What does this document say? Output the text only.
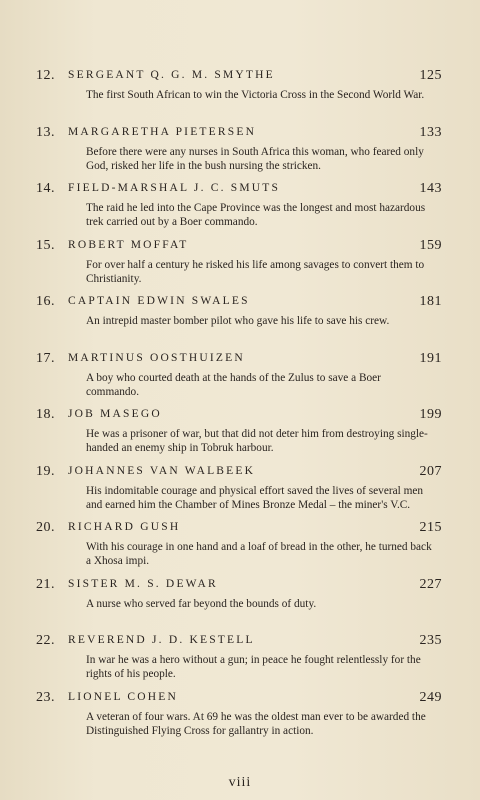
12.	SERGEANT Q. G. M. SMYTHE	125
The first South African to win the Victoria Cross in the Second World War.
13.	MARGARETHA PIETERSEN	133
Before there were any nurses in South Africa this woman, who feared only God, risked her life in the bush nursing the stricken.
14.	FIELD-MARSHAL J. C. SMUTS	143
The raid he led into the Cape Province was the longest and most hazardous trek carried out by a Boer commando.
15.	ROBERT MOFFAT	159
For over half a century he risked his life among savages to convert them to Christianity.
16.	CAPTAIN EDWIN SWALES	181
An intrepid master bomber pilot who gave his life to save his crew.
17.	MARTINUS OOSTHUIZEN	191
A boy who courted death at the hands of the Zulus to save a Boer commando.
18.	JOB MASEGO	199
He was a prisoner of war, but that did not deter him from destroying single-handed an enemy ship in Tobruk harbour.
19.	JOHANNES VAN WALBEEK	207
His indomitable courage and physical effort saved the lives of several men and earned him the Chamber of Mines Bronze Medal – the miner's V.C.
20.	RICHARD GUSH	215
With his courage in one hand and a loaf of bread in the other, he turned back a Xhosa impi.
21.	SISTER M. S. DEWAR	227
A nurse who served far beyond the bounds of duty.
22.	REVEREND J. D. KESTELL	235
In war he was a hero without a gun; in peace he fought relentlessly for the rights of his people.
23.	LIONEL COHEN	249
A veteran of four wars. At 69 he was the oldest man ever to be awarded the Distinguished Flying Cross for gallantry in action.
viii
